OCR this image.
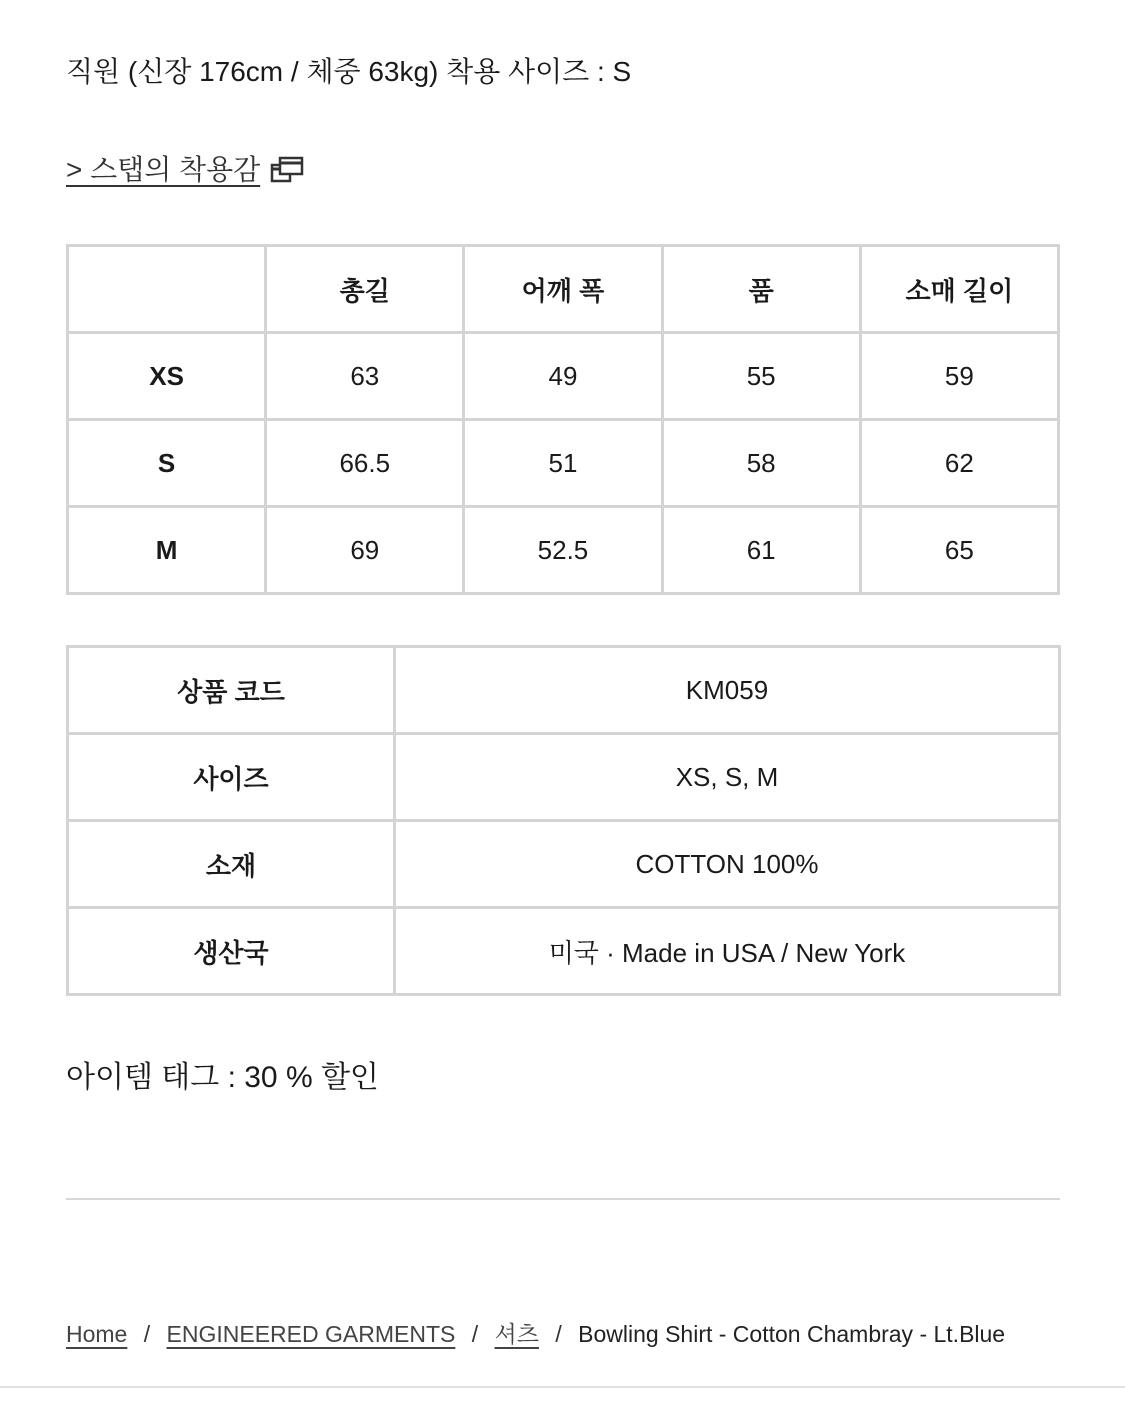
직원 (신장 176cm / 체중 63kg) 착용 사이즈 : S
> 스탭의 착용감
	총길	어깨 폭	품	소매 길이
XS	63	49	55	59
S	66.5	51	58	62
M	69	52.5	61	65
상품 코드	KM059
사이즈	XS, S, M
소재	COTTON 100%
생산국	미국 · Made in USA / New York
아이템 태그 : 30 % 할인
Home / ENGINEERED GARMENTS / 셔츠 / Bowling Shirt - Cotton Chambray - Lt.Blue
